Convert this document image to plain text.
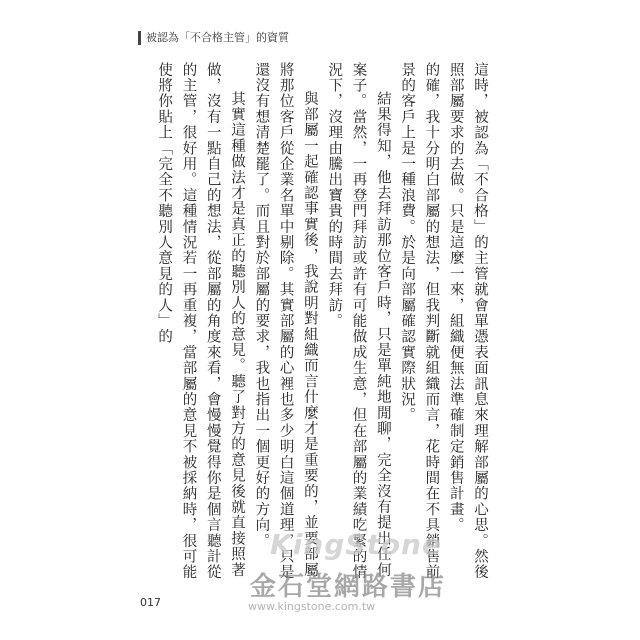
被認為「不合格主管」的資質

這時，被認為「不合格」的主管就會單憑表面訊息來理解部屬的心思。然後照部屬要求的去做。只是這麼一來，組織便無法準確制定銷售計畫。

的確，我十分明白部屬的想法，但我判斷就組織而言，花時間在不具銷售前景的客戶上是一種浪費。於是向部屬確認實際狀況。

結果得知，他去拜訪那位客戶時，只是單純地閒聊，完全沒有提出任何案子。當然，一再登門拜訪或許有可能做成生意，但在部屬的業績吃緊的情況下，沒理由騰出寶貴的時間去拜訪。

與部屬一起確認事實後，我說明對組織而言什麼才是重要的，並要部屬將那位客戶從企業名單中剔除。其實部屬的心裡也多少明白這個道理，只是還沒有想清楚罷了。而且對於部屬的要求，我也指出一個更好的方向。

其實這種做法才是真正的聽別人的意見。聽了對方的意見後就直接照著做，沒有一點自己的想法，從部屬的角度來看，會慢慢覺得你是個言聽計從的主管，很好用。這種情況若一再重複，當部屬的意見不被採納時，很可能使將你貼上「完全不聽別人意見的人」的

017
KingStone
金石堂網路書店
www.kingstone.com.tw
